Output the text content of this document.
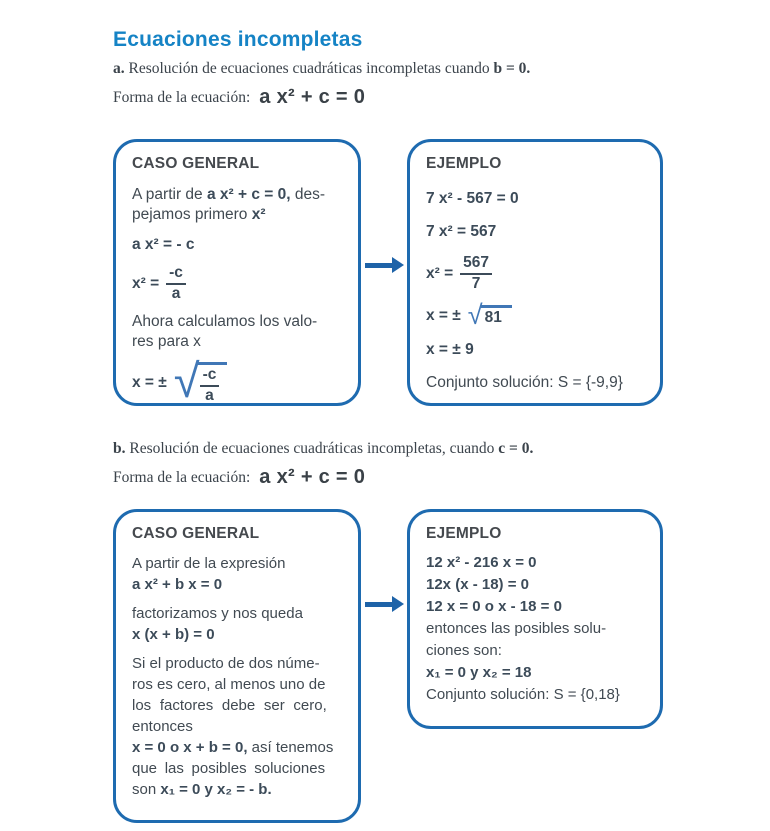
Ecuaciones incompletas

a. Resolución de ecuaciones cuadráticas incompletas cuando b = 0.

Forma de la ecuación: a x² + c = 0

CASO GENERAL
A partir de a x² + c = 0, des-
pejamos primero x²
a x² = - c
$x^2 = \frac{-c}{a}$
Ahora calculamos los valo-
res para x
x = ± √ $\frac{-c}{a}$
EJEMPLO
7 x² - 567 = 0
7 x² = 567
$x^2 = \frac{567}{7}$
x = ± √ 81
x = ± 9
Conjunto solución: S = {-9,9}

b. Resolución de ecuaciones cuadráticas incompletas, cuando c = 0.

Forma de la ecuación: a x² + c = 0

CASO GENERAL
A partir de la expresión
a x² + b x = 0
factorizamos y nos queda
x (x + b) = 0
Si el producto de dos núme-
ros es cero, al menos uno de
los factores debe ser cero,
entonces
x = 0 o x + b = 0, así tenemos
que las posibles soluciones
son x₁ = 0 y x₂ = - b.
EJEMPLO
12 x² - 216 x = 0
12x (x - 18) = 0
12 x = 0 o x - 18 = 0
entonces las posibles solu-
ciones son:
x₁ = 0 y x₂ = 18
Conjunto solución: S = {0,18}
